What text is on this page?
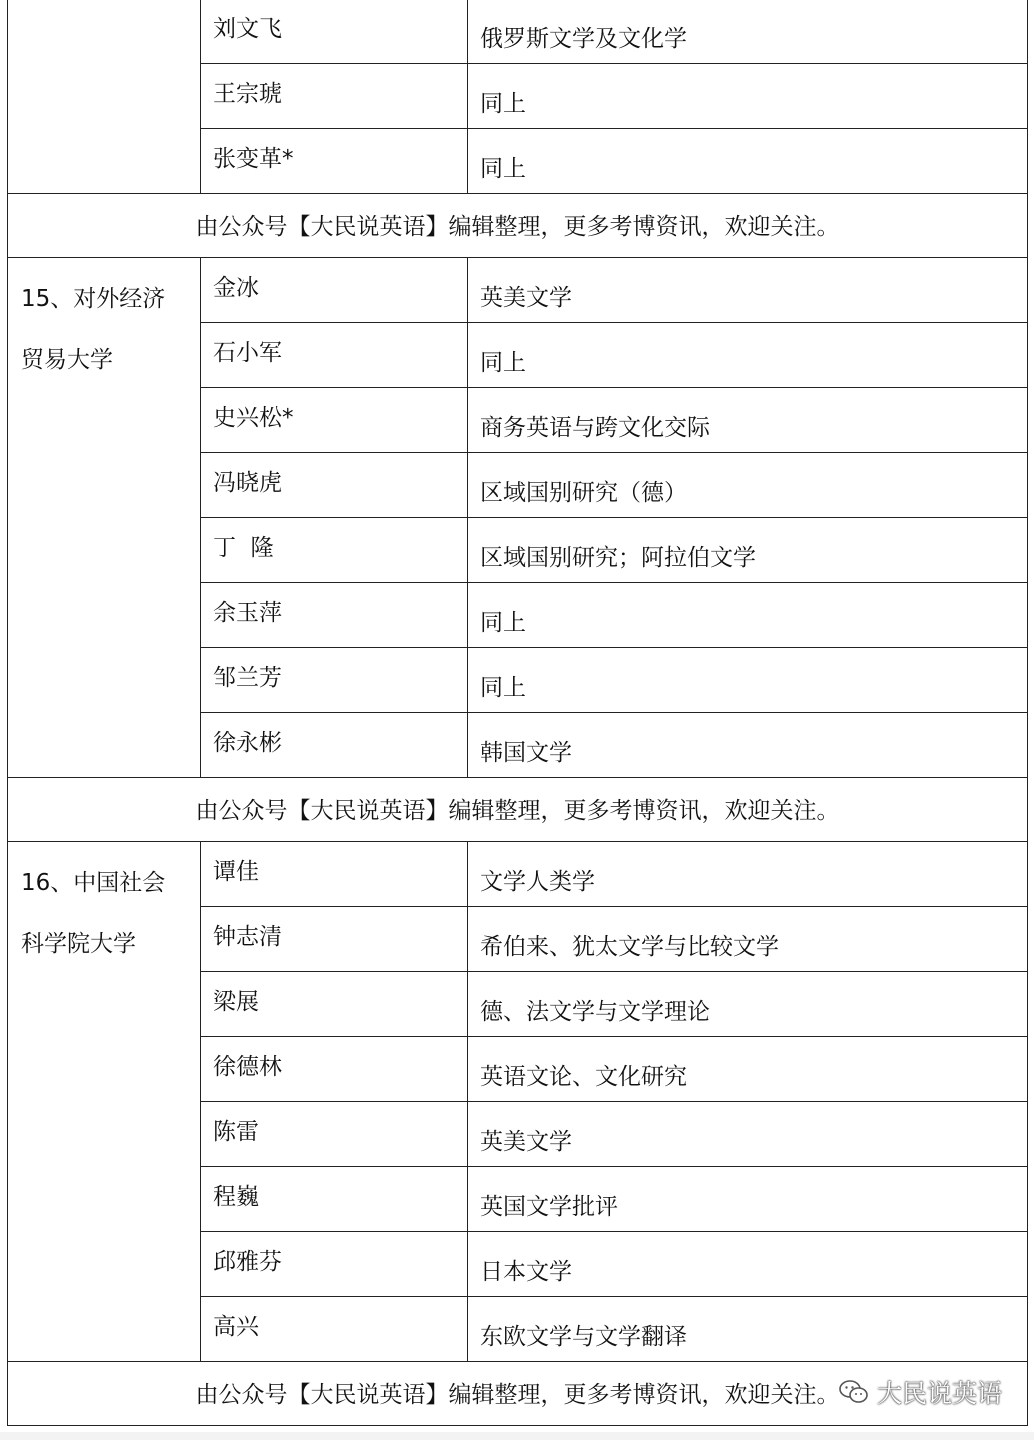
	刘文飞	俄罗斯文学及文化学

	王宗琥	同上

	张变革*	同上

由公众号【大民说英语】编辑整理，更多考博资讯，欢迎关注。		

15、对外经济
贸易大学	金冰	英美文学

	石小军	同上

	史兴松*	商务英语与跨文化交际

	冯晓虎	区域国别研究（德）

	丁  隆	区域国别研究；阿拉伯文学

	余玉萍	同上

	邹兰芳	同上

	徐永彬	韩国文学

由公众号【大民说英语】编辑整理，更多考博资讯，欢迎关注。		

16、中国社会
科学院大学	谭佳	文学人类学

	钟志清	希伯来、犹太文学与比较文学

	梁展	德、法文学与文学理论

	徐德林	英语文论、文化研究

	陈雷	英美文学

	程巍	英国文学批评

	邱雅芬	日本文学

	高兴	东欧文学与文学翻译

由公众号【大民说英语】编辑整理，更多考博资讯，欢迎关注。		大民说英语
